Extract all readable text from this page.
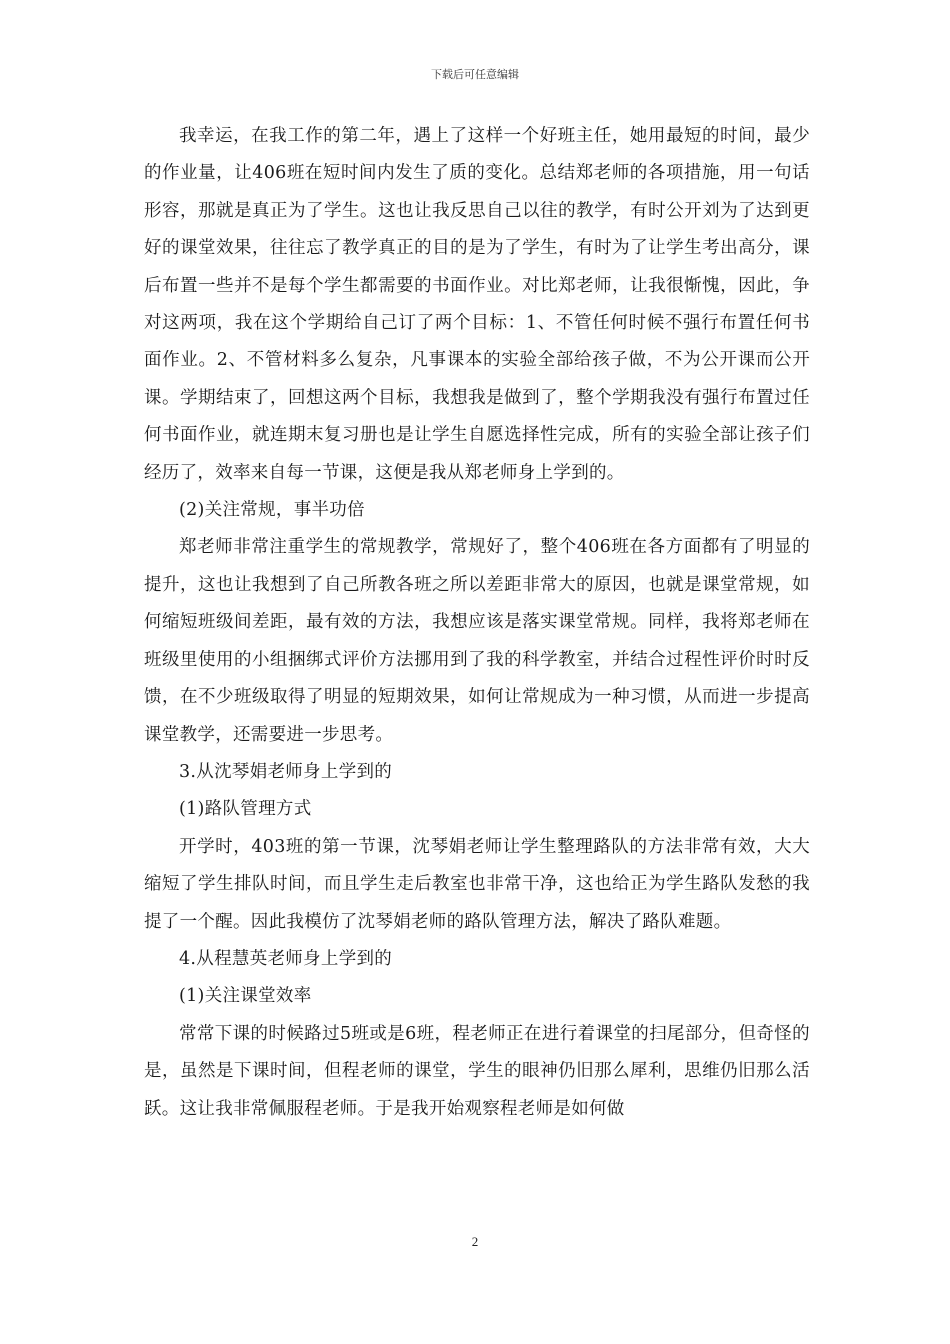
下载后可任意编辑

我幸运，在我工作的第二年，遇上了这样一个好班主任，她用最短的时间，最少的作业量，让406班在短时间内发生了质的变化。总结郑老师的各项措施，用一句话形容，那就是真正为了学生。这也让我反思自己以往的教学，有时公开刘为了达到更好的课堂效果，往往忘了教学真正的目的是为了学生，有时为了让学生考出高分，课后布置一些并不是每个学生都需要的书面作业。对比郑老师，让我很惭愧，因此，争对这两项，我在这个学期给自己订了两个目标：1、不管任何时候不强行布置任何书面作业。2、不管材料多么复杂，凡事课本的实验全部给孩子做，不为公开课而公开课。学期结束了，回想这两个目标，我想我是做到了，整个学期我没有强行布置过任何书面作业，就连期末复习册也是让学生自愿选择性完成，所有的实验全部让孩子们经历了，效率来自每一节课，这便是我从郑老师身上学到的。

(2)关注常规，事半功倍

郑老师非常注重学生的常规教学，常规好了，整个406班在各方面都有了明显的提升，这也让我想到了自己所教各班之所以差距非常大的原因，也就是课堂常规，如何缩短班级间差距，最有效的方法，我想应该是落实课堂常规。同样，我将郑老师在班级里使用的小组捆绑式评价方法挪用到了我的科学教室，并结合过程性评价时时反馈，在不少班级取得了明显的短期效果，如何让常规成为一种习惯，从而进一步提高课堂教学，还需要进一步思考。

3.从沈琴娟老师身上学到的

(1)路队管理方式

开学时，403班的第一节课，沈琴娟老师让学生整理路队的方法非常有效，大大缩短了学生排队时间，而且学生走后教室也非常干净，这也给正为学生路队发愁的我提了一个醒。因此我模仿了沈琴娟老师的路队管理方法，解决了路队难题。

4.从程慧英老师身上学到的

(1)关注课堂效率

常常下课的时候路过5班或是6班，程老师正在进行着课堂的扫尾部分，但奇怪的是，虽然是下课时间，但程老师的课堂，学生的眼神仍旧那么犀利，思维仍旧那么活跃。这让我非常佩服程老师。于是我开始观察程老师是如何做

2
